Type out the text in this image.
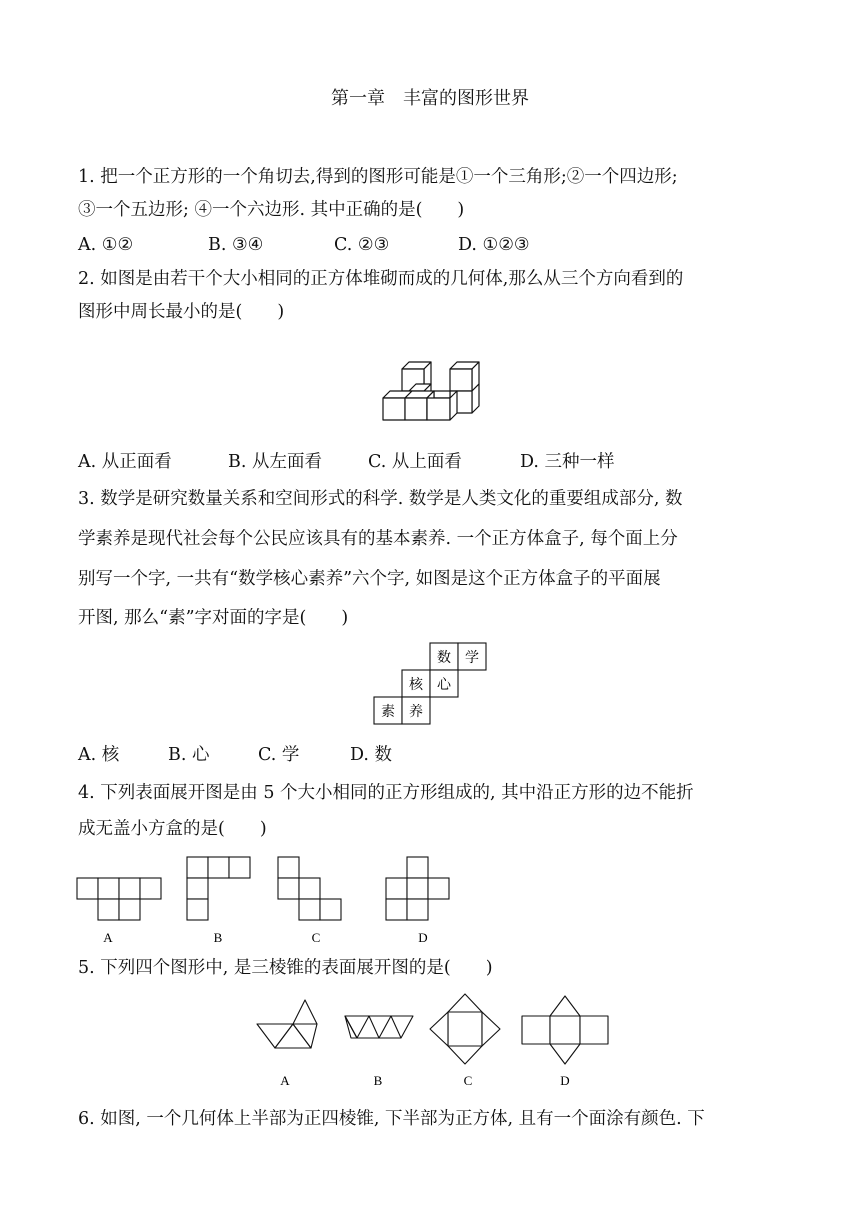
第一章　丰富的图形世界
1. 把一个正方形的一个角切去,得到的图形可能是①一个三角形;②一个四边形;
③一个五边形; ④一个六边形. 其中正确的是(　　)
A. ①②	B. ③④	C. ②③	D. ①②③
2. 如图是由若干个大小相同的正方体堆砌而成的几何体,那么从三个方向看到的
图形中周长最小的是(　　)
A. 从正面看	B. 从左面看	C. 从上面看	D. 三种一样
3. 数学是研究数量关系和空间形式的科学. 数学是人类文化的重要组成部分, 数
学素养是现代社会每个公民应该具有的基本素养. 一个正方体盒子, 每个面上分
别写一个字, 一共有“数学核心素养”六个字, 如图是这个正方体盒子的平面展
开图, 那么“素”字对面的字是(　　)
数 学
核 心
素 养
A. 核	B. 心	C. 学	D. 数
4. 下列表面展开图是由 5 个大小相同的正方形组成的, 其中沿正方形的边不能折
成无盖小方盒的是(　　)
A	B	C	D
5. 下列四个图形中, 是三棱锥的表面展开图的是(　　)
A	B	C	D
6. 如图, 一个几何体上半部为正四棱锥, 下半部为正方体, 且有一个面涂有颜色. 下
